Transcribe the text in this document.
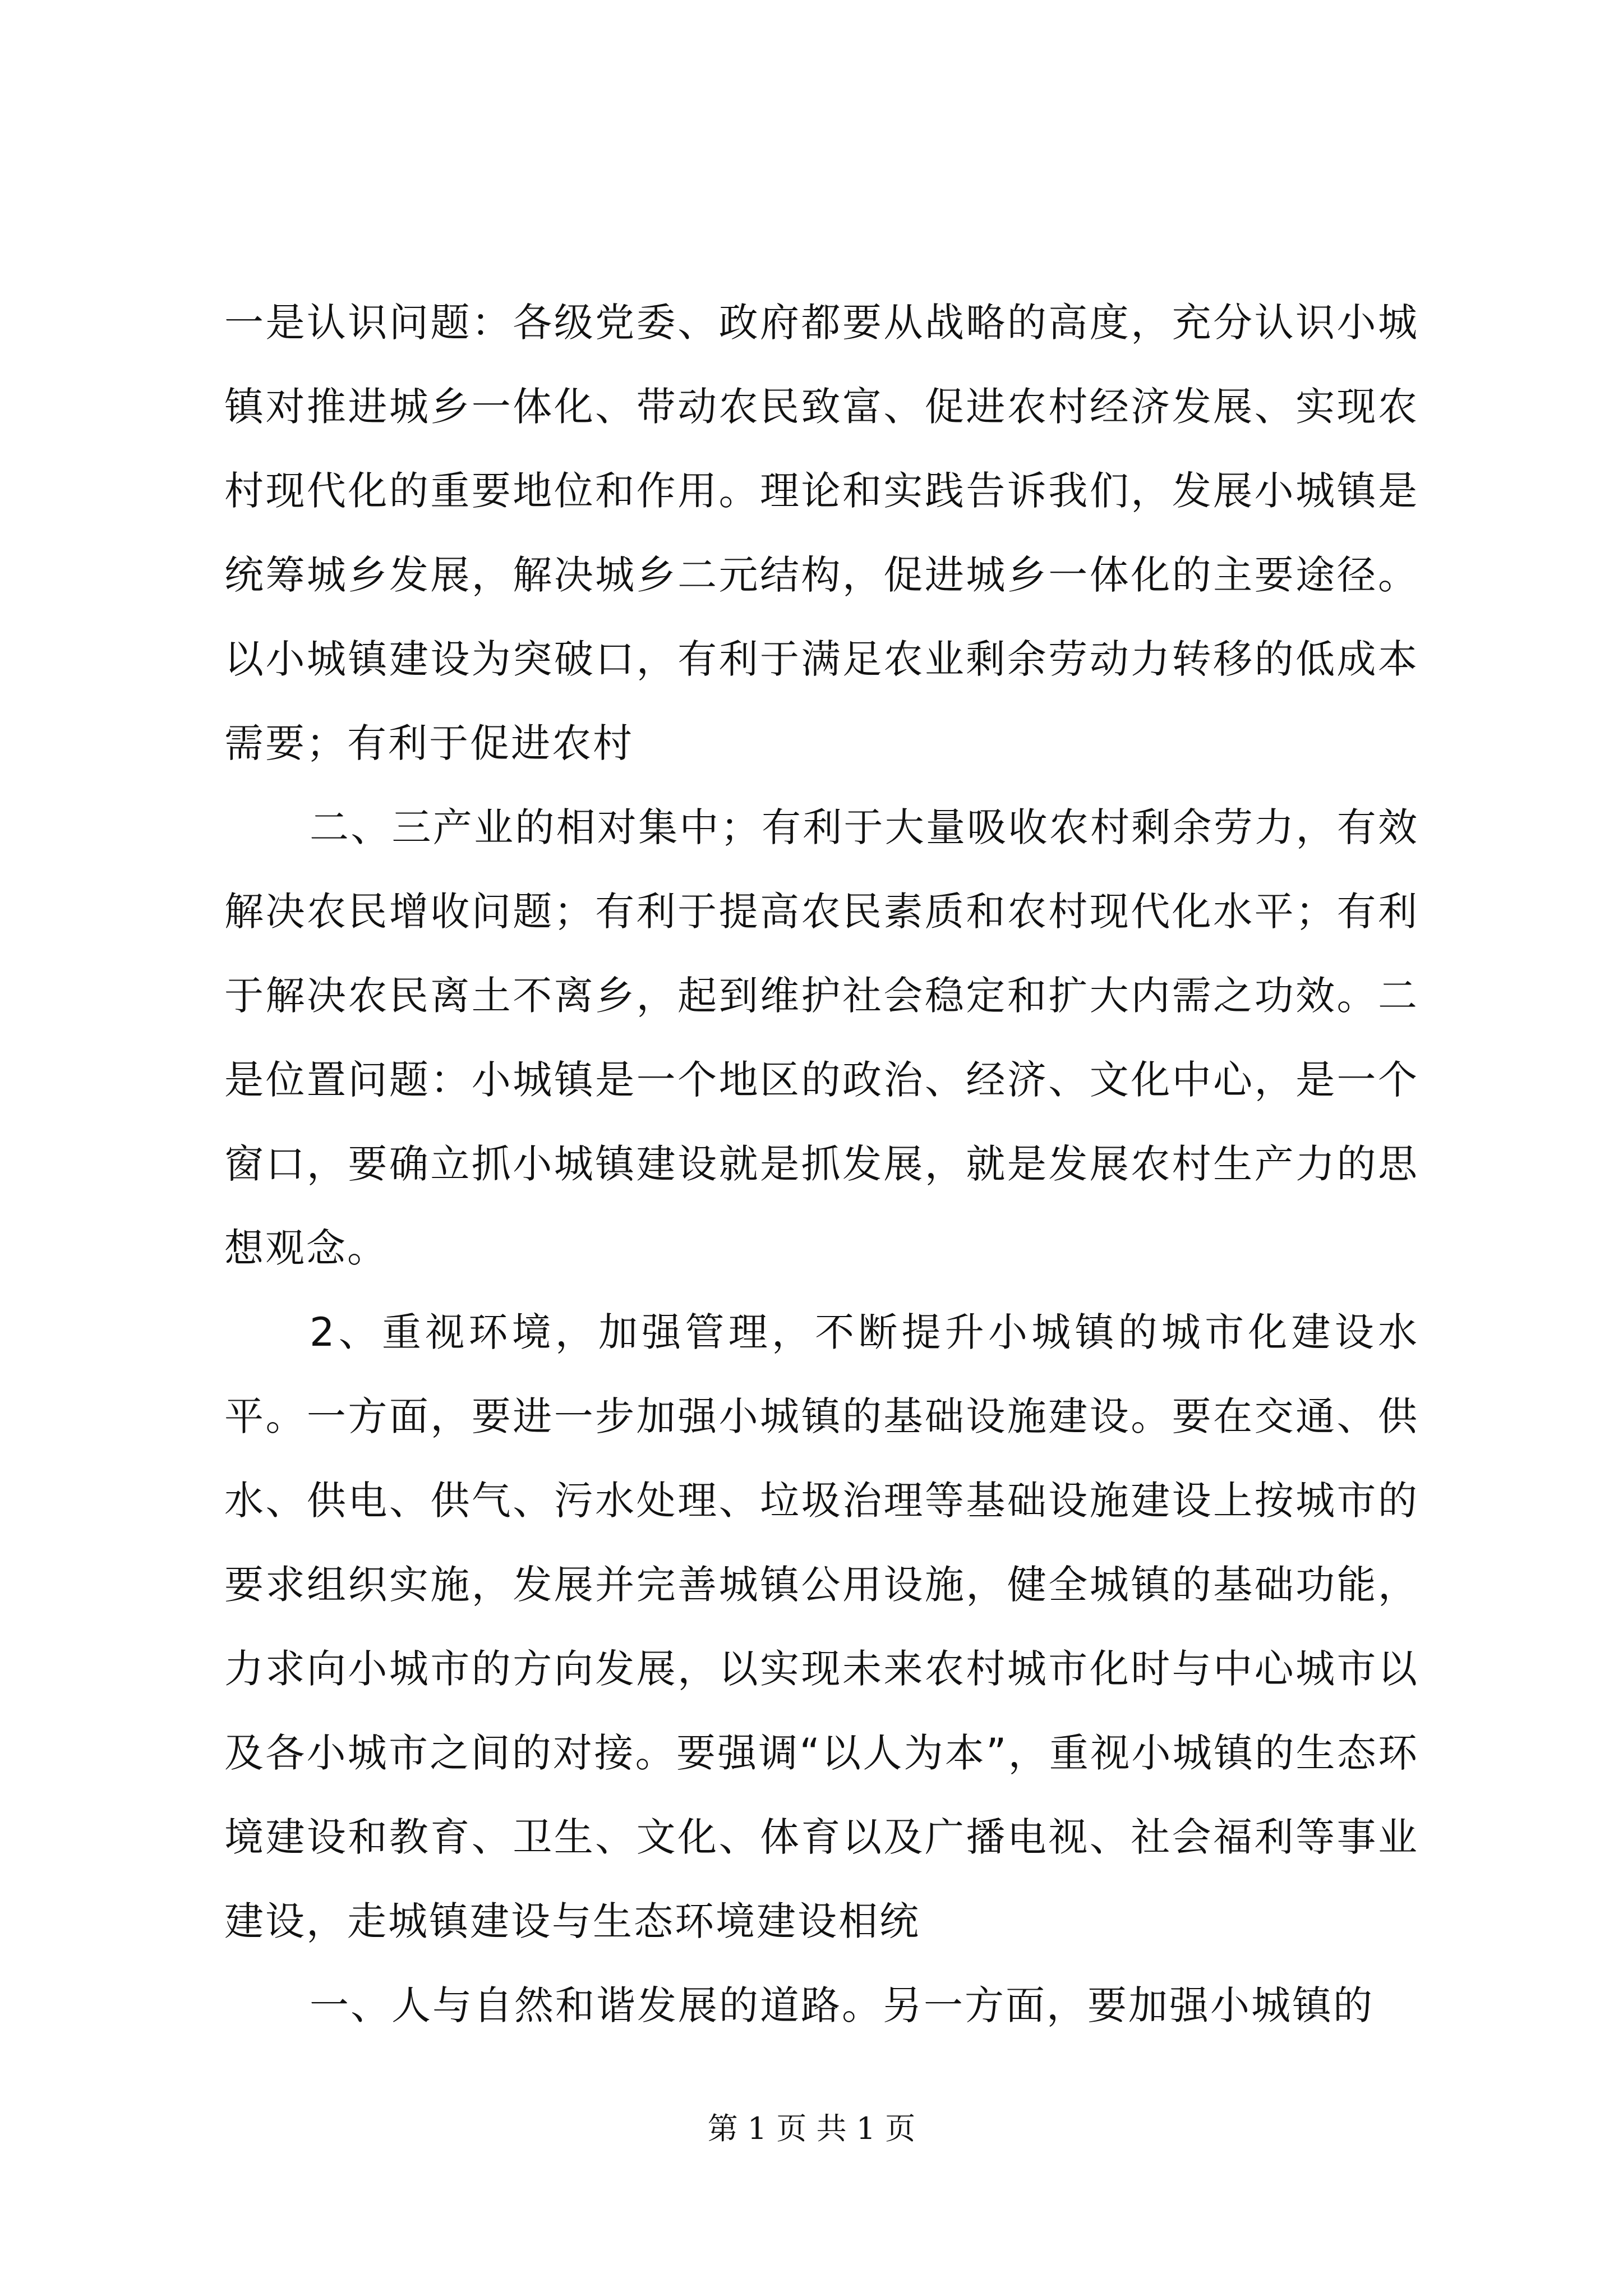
一是认识问题：各级党委、政府都要从战略的高度，充分认识小城镇对推进城乡一体化、带动农民致富、促进农村经济发展、实现农村现代化的重要地位和作用。理论和实践告诉我们，发展小城镇是统筹城乡发展，解决城乡二元结构，促进城乡一体化的主要途径。以小城镇建设为突破口，有利于满足农业剩余劳动力转移的低成本需要；有利于促进农村

二、三产业的相对集中；有利于大量吸收农村剩余劳力，有效解决农民增收问题；有利于提高农民素质和农村现代化水平；有利于解决农民离土不离乡，起到维护社会稳定和扩大内需之功效。二是位置问题：小城镇是一个地区的政治、经济、文化中心，是一个窗口，要确立抓小城镇建设就是抓发展，就是发展农村生产力的思想观念。

2、重视环境，加强管理，不断提升小城镇的城市化建设水平。一方面，要进一步加强小城镇的基础设施建设。要在交通、供水、供电、供气、污水处理、垃圾治理等基础设施建设上按城市的要求组织实施，发展并完善城镇公用设施，健全城镇的基础功能，力求向小城市的方向发展，以实现未来农村城市化时与中心城市以及各小城市之间的对接。要强调“以人为本”，重视小城镇的生态环境建设和教育、卫生、文化、体育以及广播电视、社会福利等事业建设，走城镇建设与生态环境建设相统

一、人与自然和谐发展的道路。另一方面，要加强小城镇的

第 1 页 共 1 页
